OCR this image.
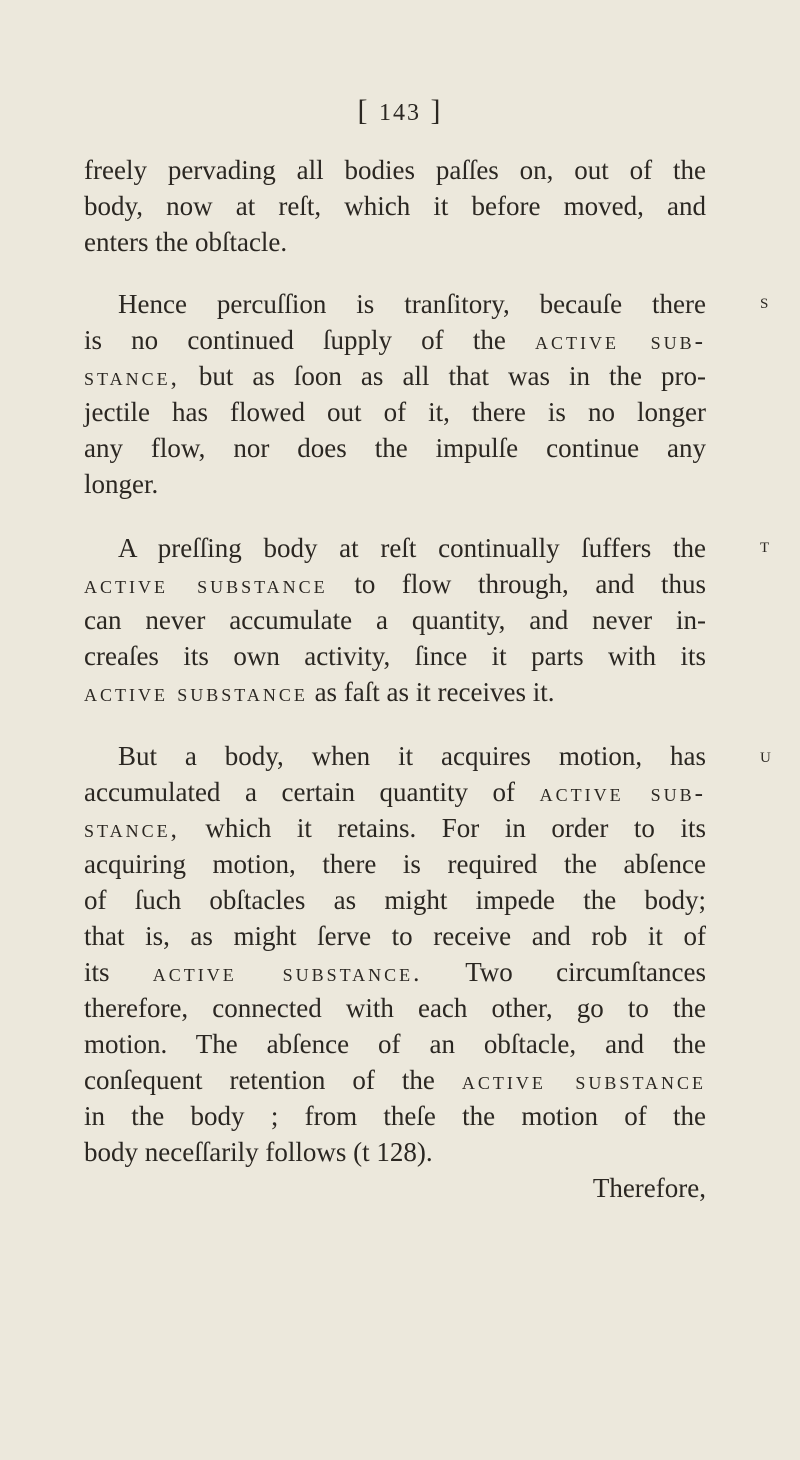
[ 143 ]
freely pervading all bodies paſſes on, out of the
body, now at reſt, which it before moved, and
enters the obſtacle.
Hence percuſſion is tranſitory, becauſe there s
is no continued ſupply of the active sub-
stance, but as ſoon as all that was in the pro-
jectile has flowed out of it, there is no longer
any flow, nor does the impulſe continue any
longer.
A preſſing body at reſt continually ſuffers the t
active substance to flow through, and thus
can never accumulate a quantity, and never in-
creaſes its own activity, ſince it parts with its
active substance as faſt as it receives it.
But a body, when it acquires motion, has u
accumulated a certain quantity of active sub-
stance, which it retains. For in order to its
acquiring motion, there is required the abſence
of ſuch obſtacles as might impede the body;
that is, as might ſerve to receive and rob it of
its active substance. Two circumſtances
therefore, connected with each other, go to the
motion. The abſence of an obſtacle, and the
conſequent retention of the active substance
in the body ; from theſe the motion of the
body neceſſarily follows (t 128).
Therefore,
